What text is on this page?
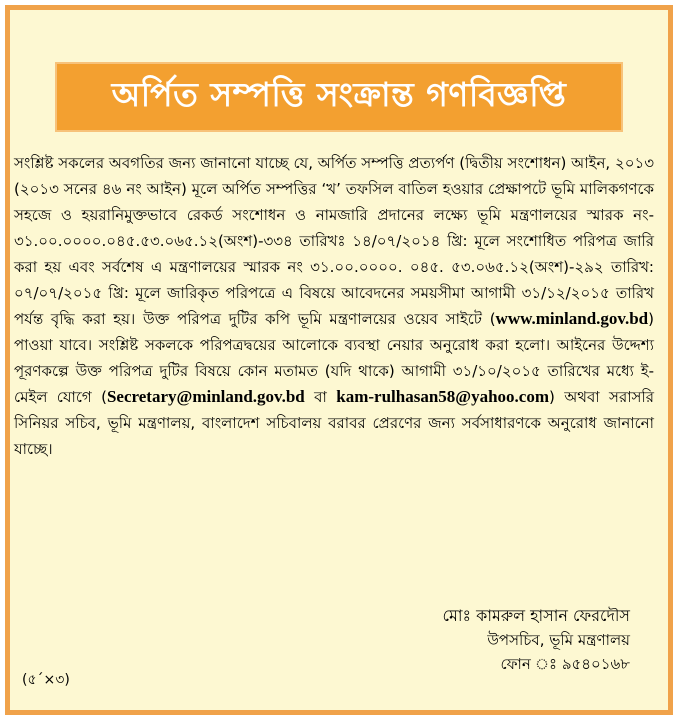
অর্পিত সম্পত্তি সংক্রান্ত গণবিজ্ঞপ্তি

সংশ্লিষ্ট সকলের অবগতির জন্য জানানো যাচ্ছে যে, অর্পিত সম্পত্তি প্রত্যর্পণ (দ্বিতীয় সংশোধন) আইন, ২০১৩ (২০১৩ সনের ৪৬ নং আইন) মূলে অর্পিত সম্পত্তির ‘খ’ তফসিল বাতিল হওয়ার প্রেক্ষাপটে ভূমি মালিকগণকে সহজে ও হয়রানিমুক্তভাবে রেকর্ড সংশোধন ও নামজারি প্রদানের লক্ষ্যে ভূমি মন্ত্রণালয়ের স্মারক নং- ৩১.০০.০০০০.০৪৫.৫৩.০৬৫.১২(অংশ)-৩৩৪ তারিখঃ ১৪/০৭/২০১৪ খ্রি: মূলে সংশোধিত পরিপত্র জারি করা হয় এবং সর্বশেষ এ মন্ত্রণালয়ের স্মারক নং ৩১.০০.০০০০. ০৪৫. ৫৩.০৬৫.১২(অংশ)-২৯২ তারিখ: ০৭/০৭/২০১৫ খ্রি: মূলে জারিকৃত পরিপত্রে এ বিষয়ে আবেদনের সময়সীমা আগামী ৩১/১২/২০১৫ তারিখ পর্যন্ত বৃদ্ধি করা হয়। উক্ত পরিপত্র দুটির কপি ভূমি মন্ত্রণালয়ের ওয়েব সাইটে (www.minland.gov.bd) পাওয়া যাবে। সংশ্লিষ্ট সকলকে পরিপত্রদ্বয়ের আলোকে ব্যবস্থা নেয়ার অনুরোধ করা হলো। আইনের উদ্দেশ্য পূরণকল্পে উক্ত পরিপত্র দুটির বিষয়ে কোন মতামত (যদি থাকে) আগামী ৩১/১০/২০১৫ তারিখের মধ্যে ই-মেইল যোগে (Secretary@minland.gov.bd বা kam-rulhasan58@yahoo.com) অথবা সরাসরি সিনিয়র সচিব, ভূমি মন্ত্রণালয়, বাংলাদেশ সচিবালয় বরাবর প্রেরণের জন্য সর্বসাধারণকে অনুরোধ জানানো যাচ্ছে।

মোঃ কামরুল হাসান ফেরদৌস
উপসচিব, ভূমি মন্ত্রণালয়
ফোন ঃ ৯৫৪০১৬৮
(৫´×৩)
